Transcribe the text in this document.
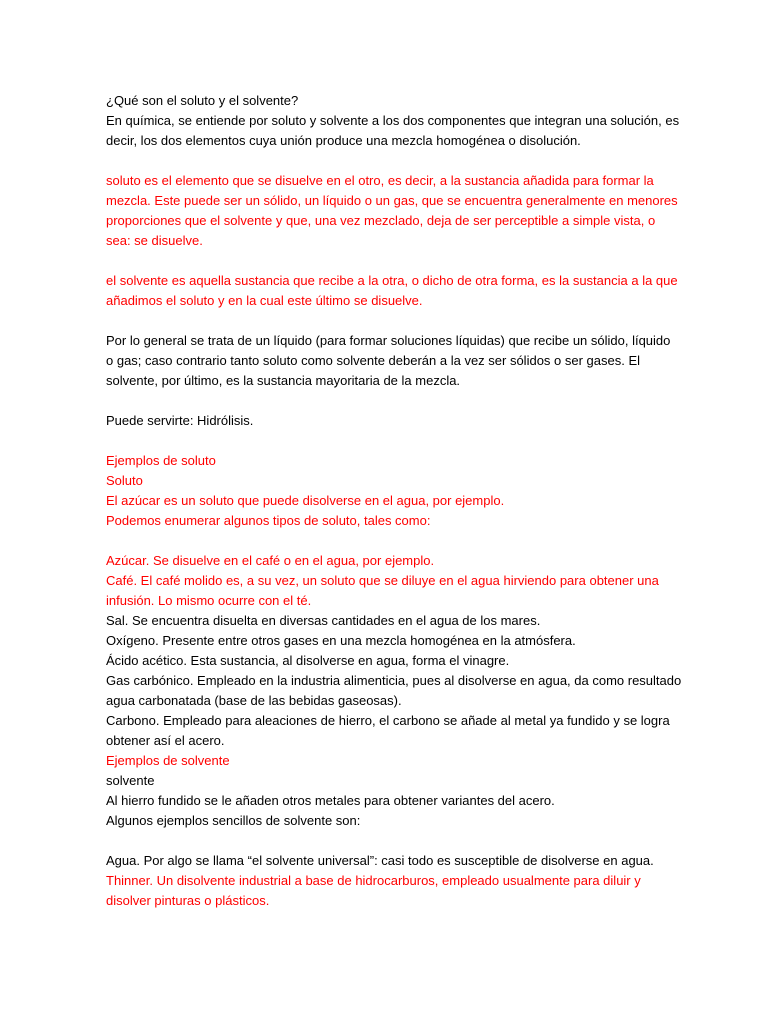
¿Qué son el soluto y el solvente?
En química, se entiende por soluto y solvente a los dos componentes que integran una solución, es
decir, los dos elementos cuya unión produce una mezcla homogénea o disolución.
soluto es el elemento que se disuelve en el otro, es decir, a la sustancia añadida para formar la
mezcla. Este puede ser un sólido, un líquido o un gas, que se encuentra generalmente en menores
proporciones que el solvente y que, una vez mezclado, deja de ser perceptible a simple vista, o
sea: se disuelve.
el solvente es aquella sustancia que recibe a la otra, o dicho de otra forma, es la sustancia a la que
añadimos el soluto y en la cual este último se disuelve.
Por lo general se trata de un líquido (para formar soluciones líquidas) que recibe un sólido, líquido
o gas; caso contrario tanto soluto como solvente deberán a la vez ser sólidos o ser gases. El
solvente, por último, es la sustancia mayoritaria de la mezcla.
Puede servirte: Hidrólisis.
Ejemplos de soluto
Soluto
El azúcar es un soluto que puede disolverse en el agua, por ejemplo.
Podemos enumerar algunos tipos de soluto, tales como:
Azúcar. Se disuelve en el café o en el agua, por ejemplo.
Café. El café molido es, a su vez, un soluto que se diluye en el agua hirviendo para obtener una
infusión. Lo mismo ocurre con el té.
Sal. Se encuentra disuelta en diversas cantidades en el agua de los mares.
Oxígeno. Presente entre otros gases en una mezcla homogénea en la atmósfera.
Ácido acético. Esta sustancia, al disolverse en agua, forma el vinagre.
Gas carbónico. Empleado en la industria alimenticia, pues al disolverse en agua, da como resultado
agua carbonatada (base de las bebidas gaseosas).
Carbono. Empleado para aleaciones de hierro, el carbono se añade al metal ya fundido y se logra
obtener así el acero.
Ejemplos de solvente
solvente
Al hierro fundido se le añaden otros metales para obtener variantes del acero.
Algunos ejemplos sencillos de solvente son:
Agua. Por algo se llama “el solvente universal”: casi todo es susceptible de disolverse en agua.
Thinner. Un disolvente industrial a base de hidrocarburos, empleado usualmente para diluir y
disolver pinturas o plásticos.
